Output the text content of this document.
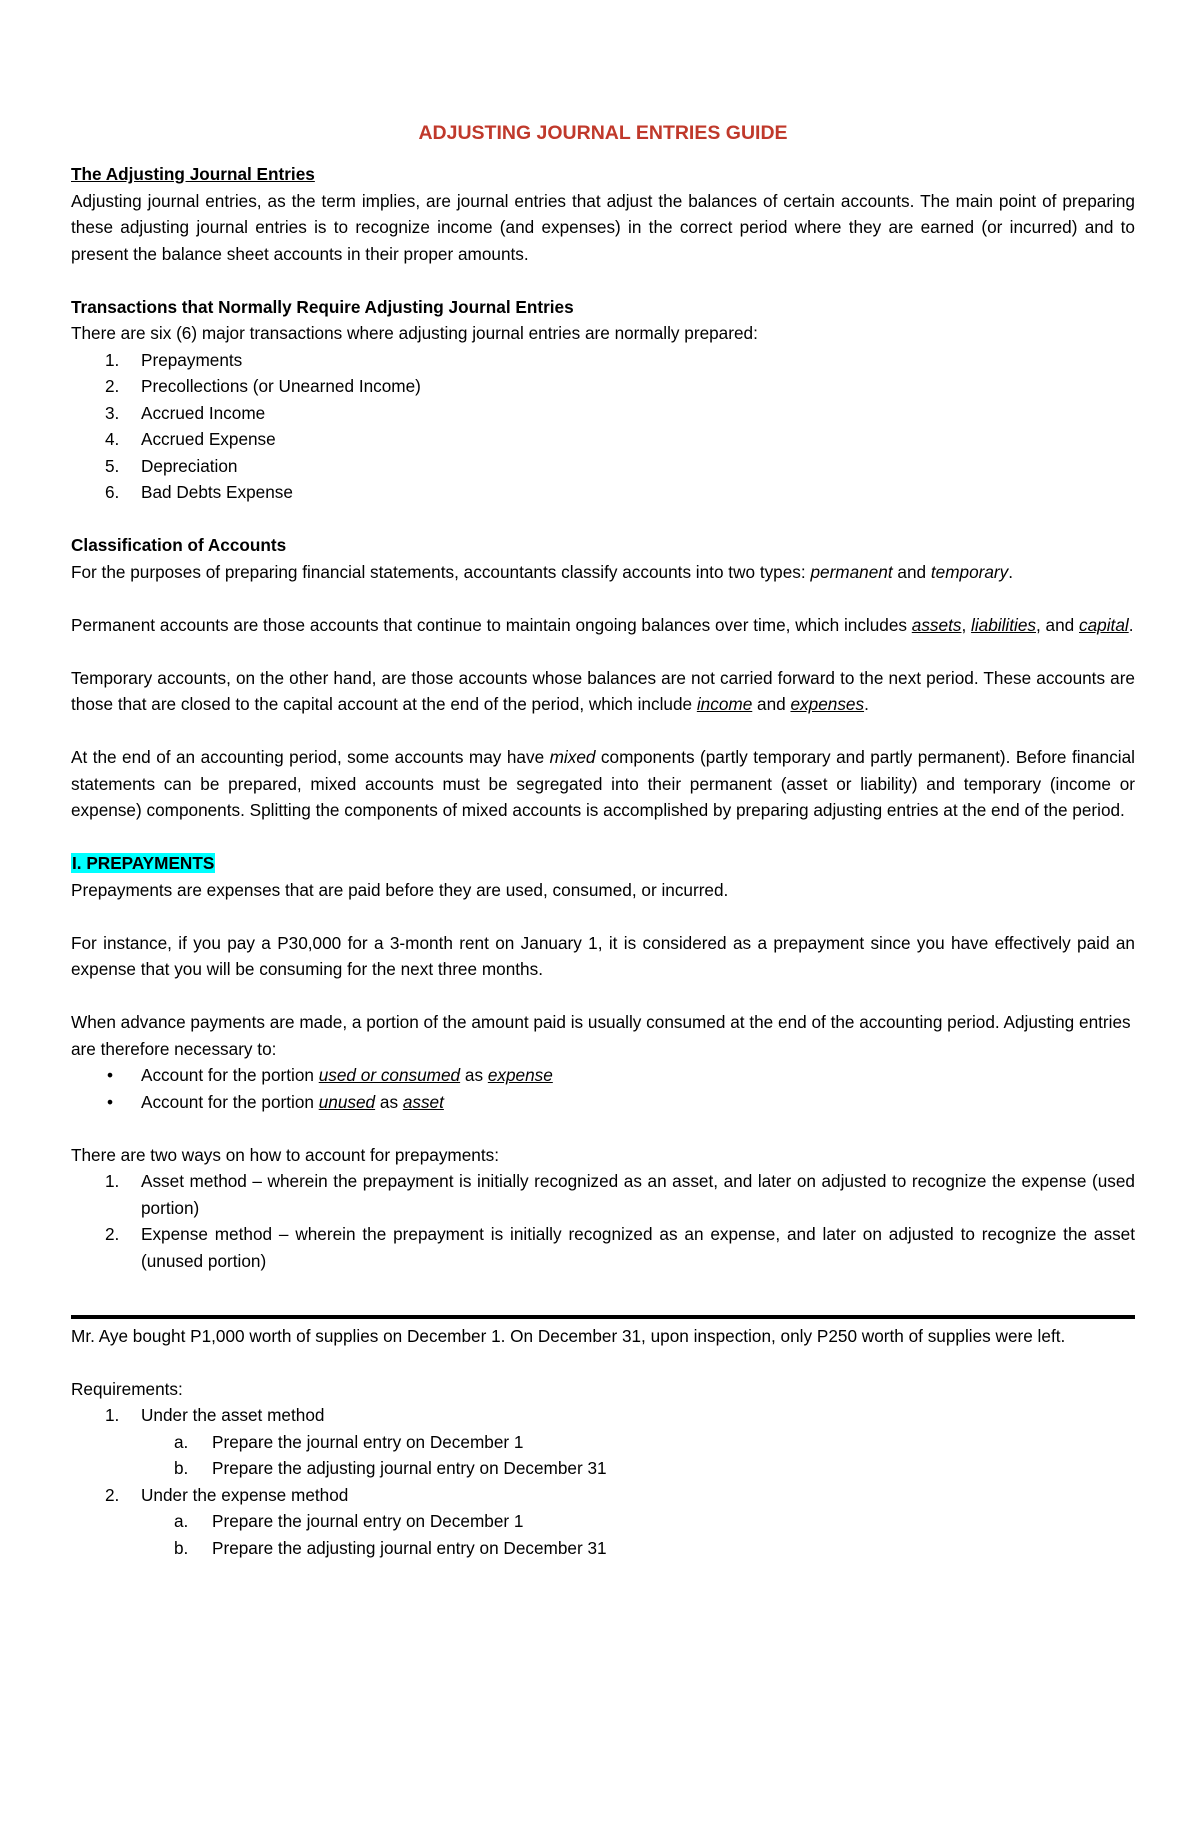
ADJUSTING JOURNAL ENTRIES GUIDE

The Adjusting Journal Entries

Adjusting journal entries, as the term implies, are journal entries that adjust the balances of certain accounts. The main point of preparing these adjusting journal entries is to recognize income (and expenses) in the correct period where they are earned (or incurred) and to present the balance sheet accounts in their proper amounts.

Transactions that Normally Require Adjusting Journal Entries

There are six (6) major transactions where adjusting journal entries are normally prepared:

1. Prepayments
2. Precollections (or Unearned Income)
3. Accrued Income
4. Accrued Expense
5. Depreciation
6. Bad Debts Expense

Classification of Accounts

For the purposes of preparing financial statements, accountants classify accounts into two types: permanent and temporary.

Permanent accounts are those accounts that continue to maintain ongoing balances over time, which includes assets, liabilities, and capital.

Temporary accounts, on the other hand, are those accounts whose balances are not carried forward to the next period. These accounts are those that are closed to the capital account at the end of the period, which include income and expenses.

At the end of an accounting period, some accounts may have mixed components (partly temporary and partly permanent). Before financial statements can be prepared, mixed accounts must be segregated into their permanent (asset or liability) and temporary (income or expense) components. Splitting the components of mixed accounts is accomplished by preparing adjusting entries at the end of the period.

I. PREPAYMENTS

Prepayments are expenses that are paid before they are used, consumed, or incurred.

For instance, if you pay a P30,000 for a 3-month rent on January 1, it is considered as a prepayment since you have effectively paid an expense that you will be consuming for the next three months.

When advance payments are made, a portion of the amount paid is usually consumed at the end of the accounting period. Adjusting entries are therefore necessary to:

• Account for the portion used or consumed as expense
• Account for the portion unused as asset

There are two ways on how to account for prepayments:

1. Asset method – wherein the prepayment is initially recognized as an asset, and later on adjusted to recognize the expense (used portion)
2. Expense method – wherein the prepayment is initially recognized as an expense, and later on adjusted to recognize the asset (unused portion)

Mr. Aye bought P1,000 worth of supplies on December 1. On December 31, upon inspection, only P250 worth of supplies were left.

Requirements:

1. Under the asset method
a. Prepare the journal entry on December 1
b. Prepare the adjusting journal entry on December 31
2. Under the expense method
a. Prepare the journal entry on December 1
b. Prepare the adjusting journal entry on December 31
